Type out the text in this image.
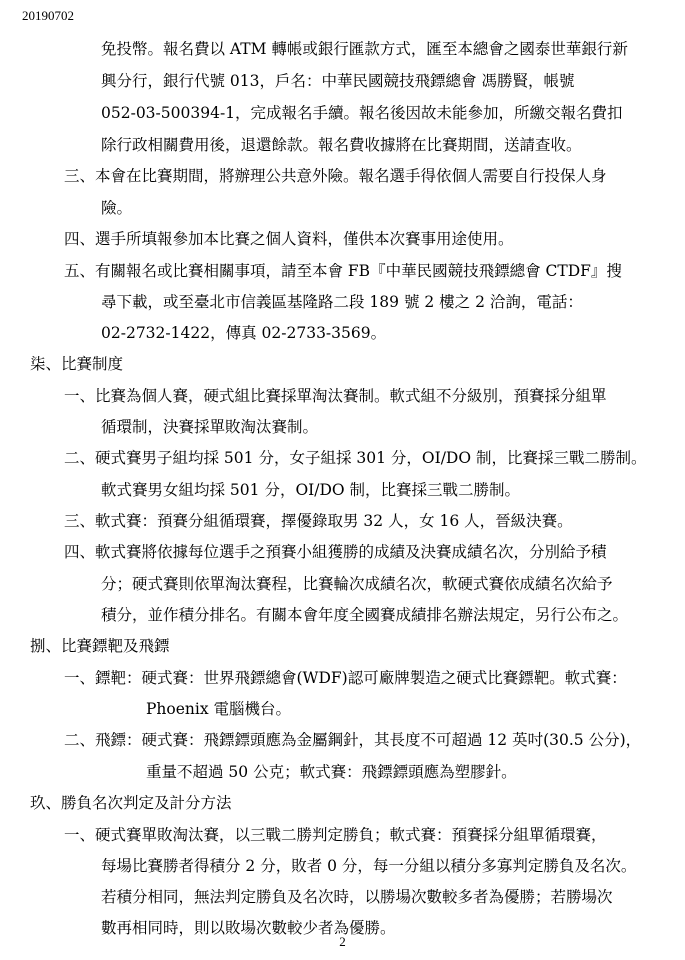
20190702
免投幣。報名費以 ATM 轉帳或銀行匯款方式，匯至本總會之國泰世華銀行新
興分行，銀行代號 013，戶名：中華民國競技飛鏢總會 馮勝賢，帳號
052-03-500394-1，完成報名手續。報名後因故未能參加，所繳交報名費扣
除行政相關費用後，退還餘款。報名費收據將在比賽期間，送請查收。
三、本會在比賽期間，將辦理公共意外險。報名選手得依個人需要自行投保人身
險。
四、選手所填報參加本比賽之個人資料，僅供本次賽事用途使用。
五、有關報名或比賽相關事項，請至本會 FB『中華民國競技飛鏢總會 CTDF』搜
尋下載，或至臺北市信義區基隆路二段 189 號 2 樓之 2 洽詢，電話：
02-2732-1422，傳真 02-2733-3569。
柒、比賽制度
一、比賽為個人賽，硬式組比賽採單淘汰賽制。軟式組不分級別，預賽採分組單
循環制，決賽採單敗淘汰賽制。
二、硬式賽男子組均採 501 分，女子組採 301 分，OI/DO 制，比賽採三戰二勝制。
軟式賽男女組均採 501 分，OI/DO 制，比賽採三戰二勝制。
三、軟式賽：預賽分組循環賽，擇優錄取男 32 人，女 16 人，晉級決賽。
四、軟式賽將依據每位選手之預賽小組獲勝的成績及決賽成績名次，分別給予積
分；硬式賽則依單淘汰賽程，比賽輪次成績名次，軟硬式賽依成績名次給予
積分，並作積分排名。有關本會年度全國賽成績排名辦法規定，另行公布之。
捌、比賽鏢靶及飛鏢
一、鏢靶：硬式賽：世界飛鏢總會(WDF)認可廠牌製造之硬式比賽鏢靶。軟式賽：
Phoenix 電腦機台。
二、飛鏢：硬式賽：飛鏢鏢頭應為金屬鋼針，其長度不可超過 12 英吋(30.5 公分)，
重量不超過 50 公克；軟式賽：飛鏢鏢頭應為塑膠針。
玖、勝負名次判定及計分方法
一、硬式賽單敗淘汰賽，以三戰二勝判定勝負；軟式賽：預賽採分組單循環賽，
每場比賽勝者得積分 2 分，敗者 0 分，每一分組以積分多寡判定勝負及名次。
若積分相同，無法判定勝負及名次時，以勝場次數較多者為優勝；若勝場次
數再相同時，則以敗場次數較少者為優勝。
2
